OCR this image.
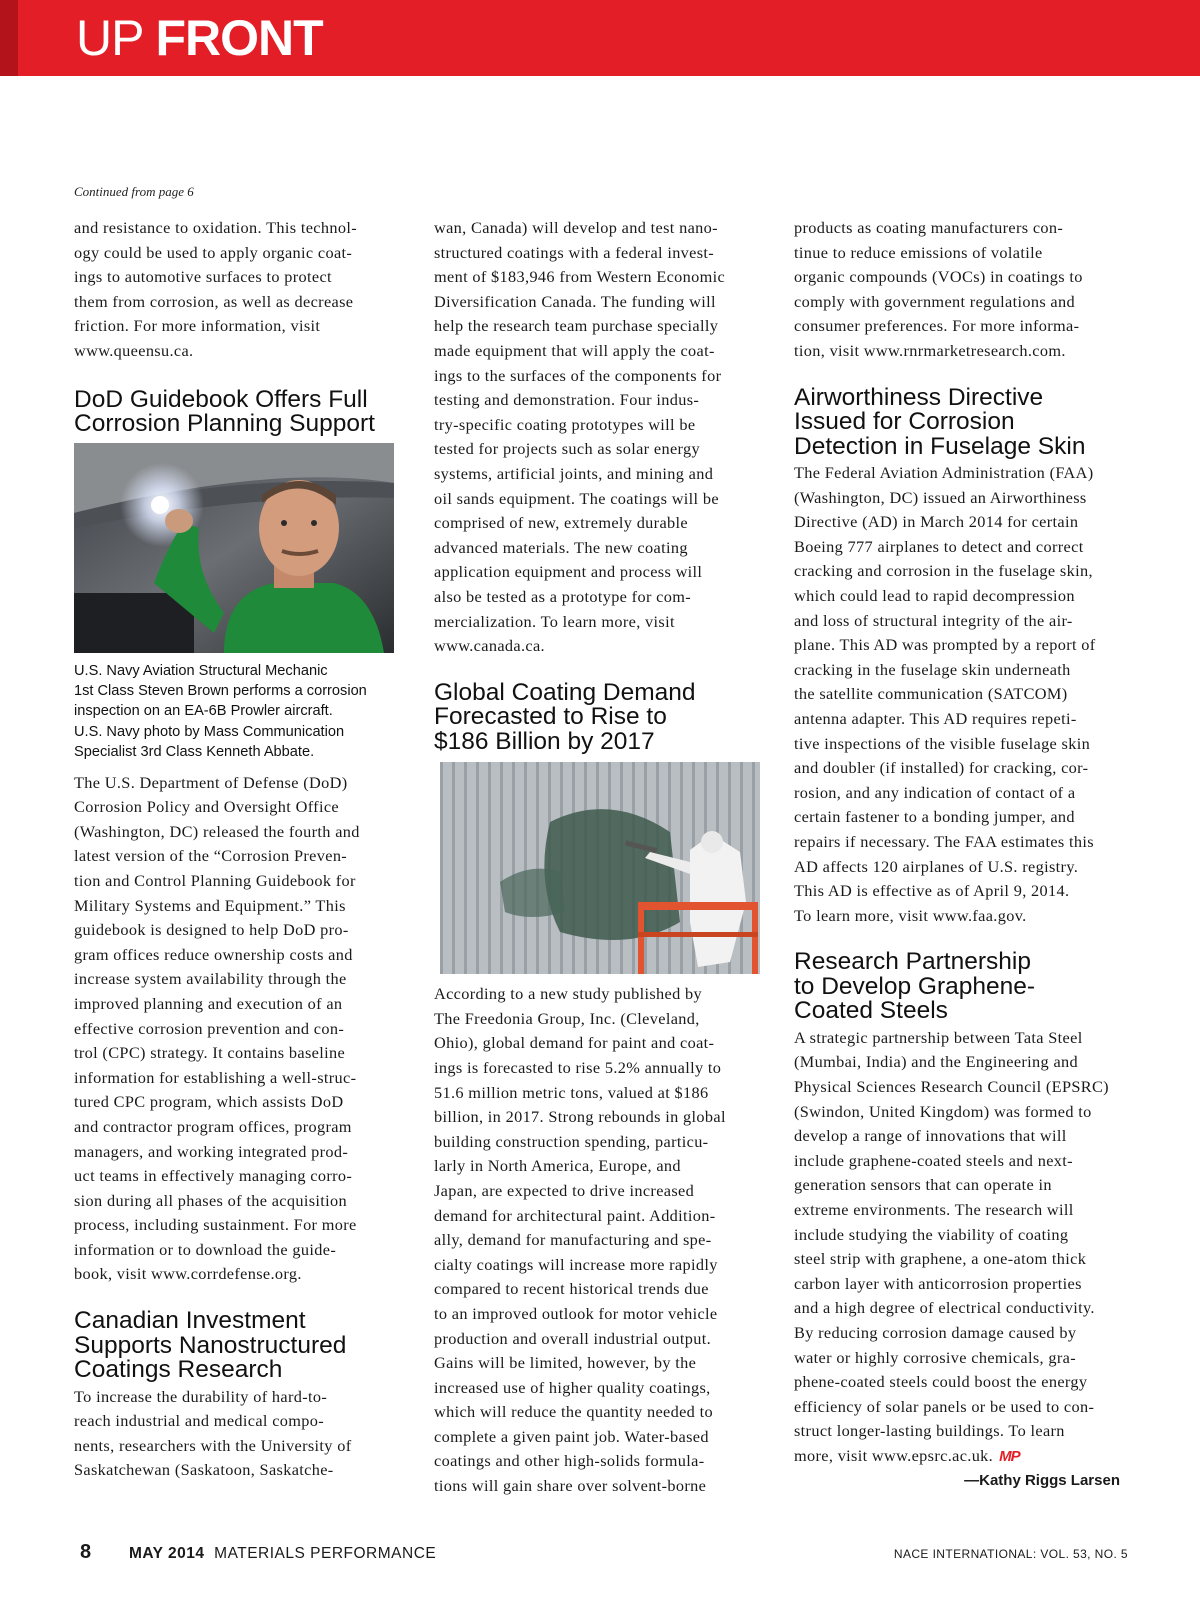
UP FRONT
Continued from page 6

and resistance to oxidation. This technol-
ogy could be used to apply organic coat-
ings to automotive surfaces to protect
them from corrosion, as well as decrease
friction. For more information, visit
www.queensu.ca.

DoD Guidebook Offers Full
Corrosion Planning Support

U.S. Navy Aviation Structural Mechanic
1st Class Steven Brown performs a corrosion
inspection on an EA-6B Prowler aircraft.
U.S. Navy photo by Mass Communication
Specialist 3rd Class Kenneth Abbate.

The U.S. Department of Defense (DoD)
Corrosion Policy and Oversight Office
(Washington, DC) released the fourth and
latest version of the “Corrosion Preven-
tion and Control Planning Guidebook for
Military Systems and Equipment.” This
guidebook is designed to help DoD pro-
gram offices reduce ownership costs and
increase system availability through the
improved planning and execution of an
effective corrosion prevention and con-
trol (CPC) strategy. It contains baseline
information for establishing a well-struc-
tured CPC program, which assists DoD
and contractor program offices, program
managers, and working integrated prod-
uct teams in effectively managing corro-
sion during all phases of the acquisition
process, including sustainment. For more
information or to download the guide-
book, visit www.corrdefense.org.

Canadian Investment
Supports Nanostructured
Coatings Research

To increase the durability of hard-to-
reach industrial and medical compo-
nents, researchers with the University of
Saskatchewan (Saskatoon, Saskatche-

wan, Canada) will develop and test nano-
structured coatings with a federal invest-
ment of $183,946 from Western Economic
Diversification Canada. The funding will
help the research team purchase specially
made equipment that will apply the coat-
ings to the surfaces of the components for
testing and demonstration. Four indus-
try-specific coating prototypes will be
tested for projects such as solar energy
systems, artificial joints, and mining and
oil sands equipment. The coatings will be
comprised of new, extremely durable
advanced materials. The new coating
application equipment and process will
also be tested as a prototype for com-
mercialization. To learn more, visit
www.canada.ca.

Global Coating Demand
Forecasted to Rise to
$186 Billion by 2017

According to a new study published by
The Freedonia Group, Inc. (Cleveland,
Ohio), global demand for paint and coat-
ings is forecasted to rise 5.2% annually to
51.6 million metric tons, valued at $186
billion, in 2017. Strong rebounds in global
building construction spending, particu-
larly in North America, Europe, and
Japan, are expected to drive increased
demand for architectural paint. Addition-
ally, demand for manufacturing and spe-
cialty coatings will increase more rapidly
compared to recent historical trends due
to an improved outlook for motor vehicle
production and overall industrial output.
Gains will be limited, however, by the
increased use of higher quality coatings,
which will reduce the quantity needed to
complete a given paint job. Water-based
coatings and other high-solids formula-
tions will gain share over solvent-borne

products as coating manufacturers con-
tinue to reduce emissions of volatile
organic compounds (VOCs) in coatings to
comply with government regulations and
consumer preferences. For more informa-
tion, visit www.rnrmarketresearch.com.

Airworthiness Directive
Issued for Corrosion
Detection in Fuselage Skin

The Federal Aviation Administration (FAA)
(Washington, DC) issued an Airworthiness
Directive (AD) in March 2014 for certain
Boeing 777 airplanes to detect and correct
cracking and corrosion in the fuselage skin,
which could lead to rapid decompression
and loss of structural integrity of the air-
plane. This AD was prompted by a report of
cracking in the fuselage skin underneath
the satellite communication (SATCOM)
antenna adapter. This AD requires repeti-
tive inspections of the visible fuselage skin
and doubler (if installed) for cracking, cor-
rosion, and any indication of contact of a
certain fastener to a bonding jumper, and
repairs if necessary. The FAA estimates this
AD affects 120 airplanes of U.S. registry.
This AD is effective as of April 9, 2014.
To learn more, visit www.faa.gov.

Research Partnership
to Develop Graphene-
Coated Steels

A strategic partnership between Tata Steel
(Mumbai, India) and the Engineering and
Physical Sciences Research Council (EPSRC)
(Swindon, United Kingdom) was formed to
develop a range of innovations that will
include graphene-coated steels and next-
generation sensors that can operate in
extreme environments. The research will
include studying the viability of coating
steel strip with graphene, a one-atom thick
carbon layer with anticorrosion properties
and a high degree of electrical conductivity.
By reducing corrosion damage caused by
water or highly corrosive chemicals, gra-
phene-coated steels could boost the energy
efficiency of solar panels or be used to con-
struct longer-lasting buildings. To learn

more, visit www.epsrc.ac.uk. MP

—Kathy Riggs Larsen

8 MAY 2014 MATERIALS PERFORMANCE	NACE INTERNATIONAL: VOL. 53, NO. 5
